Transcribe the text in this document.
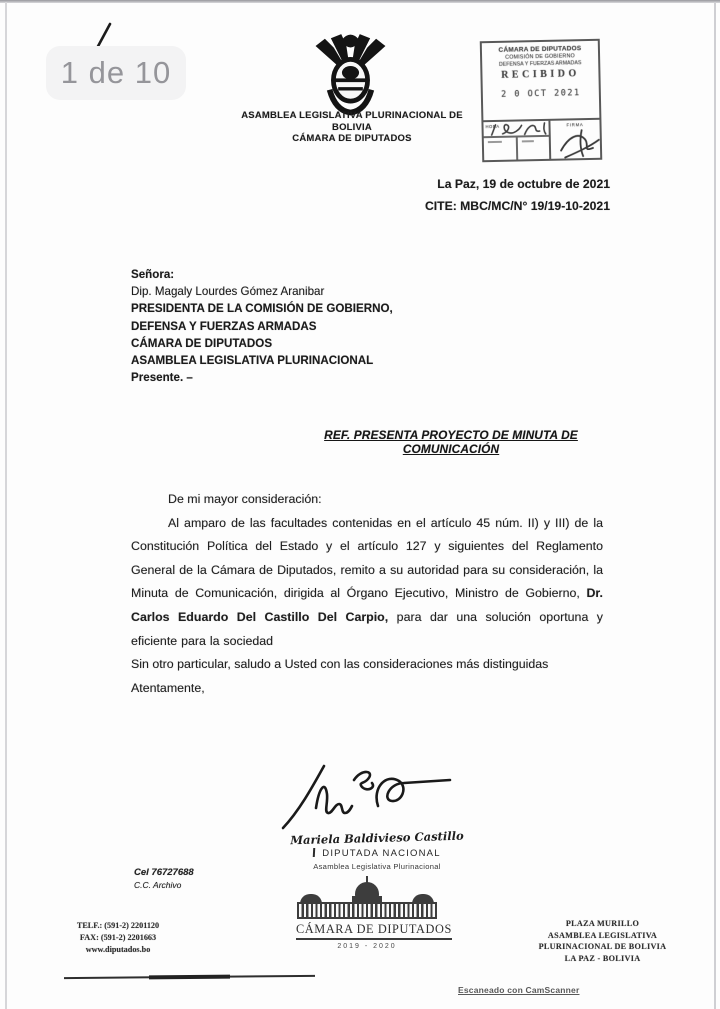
1 de 10
ASAMBLEA LEGISLATIVA PLURINACIONAL DE BOLIVIA
CÁMARA DE DIPUTADOS
CÁMARA DE DIPUTADOS
COMISIÓN DE GOBIERNO
DEFENSA Y FUERZAS ARMADAS
RECIBIDO
2 0 OCT 2021
HORA	FIRMA
La Paz, 19 de octubre de 2021
CITE: MBC/MC/N° 19/19-10-2021
Señora:
Dip. Magaly Lourdes Gómez Aranibar
PRESIDENTA DE LA COMISIÓN DE GOBIERNO,
DEFENSA Y FUERZAS ARMADAS
CÁMARA DE DIPUTADOS
ASAMBLEA LEGISLATIVA PLURINACIONAL
Presente. –
REF. PRESENTA PROYECTO DE MINUTA DE COMUNICACIÓN
De mi mayor consideración:

Al amparo de las facultades contenidas en el artículo 45 núm. II) y III) de la Constitución Política del Estado y el artículo 127 y siguientes del Reglamento General de la Cámara de Diputados, remito a su autoridad para su consideración, la Minuta de Comunicación, dirigida al Órgano Ejecutivo, Ministro de Gobierno, Dr. Carlos Eduardo Del Castillo Del Carpio, para dar una solución oportuna y eficiente para la sociedad

Sin otro particular, saludo a Usted con las consideraciones más distinguidas
Atentamente,
Mariela Baldivieso Castillo
DIPUTADA NACIONAL
Asamblea Legislativa Plurinacional
Cel 76727688
C.C. Archivo
TELF.: (591-2) 2201120
FAX: (591-2) 2201663
www.diputados.bo
CÁMARA DE DIPUTADOS
2019 - 2020
PLAZA MURILLO
ASAMBLEA LEGISLATIVA
PLURINACIONAL DE BOLIVIA
LA PAZ - BOLIVIA
Escaneado con CamScanner
